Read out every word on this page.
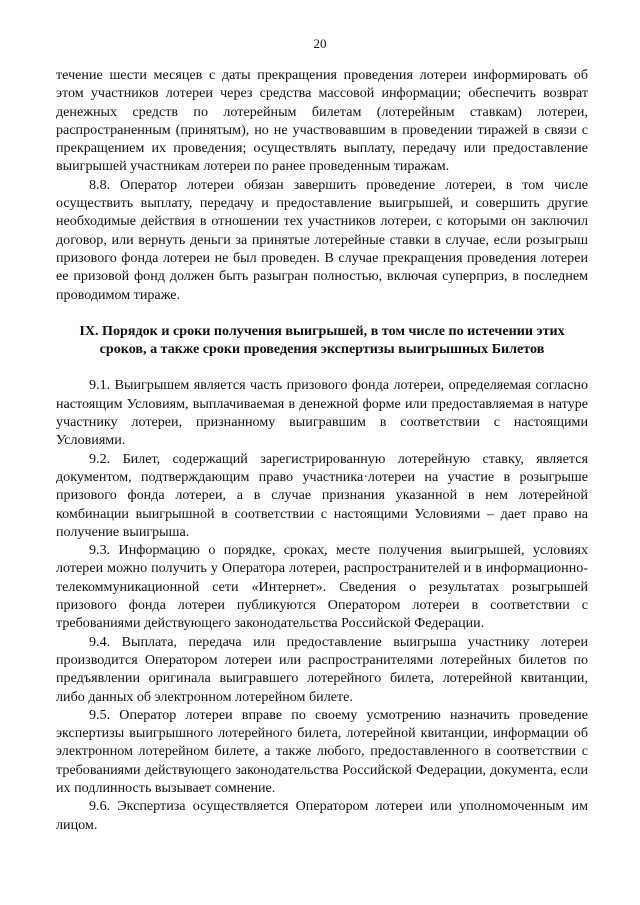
20

течение шести месяцев с даты прекращения проведения лотереи информировать об этом участников лотереи через средства массовой информации; обеспечить возврат денежных средств по лотерейным билетам (лотерейным ставкам) лотереи, распространенным (принятым), но не участвовавшим в проведении тиражей в связи с прекращением их проведения; осуществлять выплату, передачу или предоставление выигрышей участникам лотереи по ранее проведенным тиражам.

8.8. Оператор лотереи обязан завершить проведение лотереи, в том числе осуществить выплату, передачу и предоставление выигрышей, и совершить другие необходимые действия в отношении тех участников лотереи, с которыми он заключил договор, или вернуть деньги за принятые лотерейные ставки в случае, если розыгрыш призового фонда лотереи не был проведен. В случае прекращения проведения лотереи ее призовой фонд должен быть разыгран полностью, включая суперприз, в последнем проводимом тираже.

IX. Порядок и сроки получения выигрышей, в том числе по истечении этих сроков, а также сроки проведения экспертизы выигрышных Билетов

9.1. Выигрышем является часть призового фонда лотереи, определяемая согласно настоящим Условиям, выплачиваемая в денежной форме или предоставляемая в натуре участнику лотереи, признанному выигравшим в соответствии с настоящими Условиями.

9.2. Билет, содержащий зарегистрированную лотерейную ставку, является документом, подтверждающим право участника·лотереи на участие в розыгрыше призового фонда лотереи, а в случае признания указанной в нем лотерейной комбинации выигрышной в соответствии с настоящими Условиями – дает право на получение выигрыша.

9.3. Информацию о порядке, сроках, месте получения выигрышей, условиях лотереи можно получить у Оператора лотереи, распространителей и в информационно-телекоммуникационной сети «Интернет». Сведения о результатах розыгрышей призового фонда лотереи публикуются Оператором лотереи в соответствии с требованиями действующего законодательства Российской Федерации.

9.4. Выплата, передача или предоставление выигрыша участнику лотереи производится Оператором лотереи или распространителями лотерейных билетов по предъявлении оригинала выигравшего лотерейного билета, лотерейной квитанции, либо данных об электронном лотерейном билете.

9.5. Оператор лотереи вправе по своему усмотрению назначить проведение экспертизы выигрышного лотерейного билета, лотерейной квитанции, информации об электронном лотерейном билете, а также любого, предоставленного в соответствии с требованиями действующего законодательства Российской Федерации, документа, если их подлинность вызывает сомнение.

9.6. Экспертиза осуществляется Оператором лотереи или уполномоченным им лицом.
